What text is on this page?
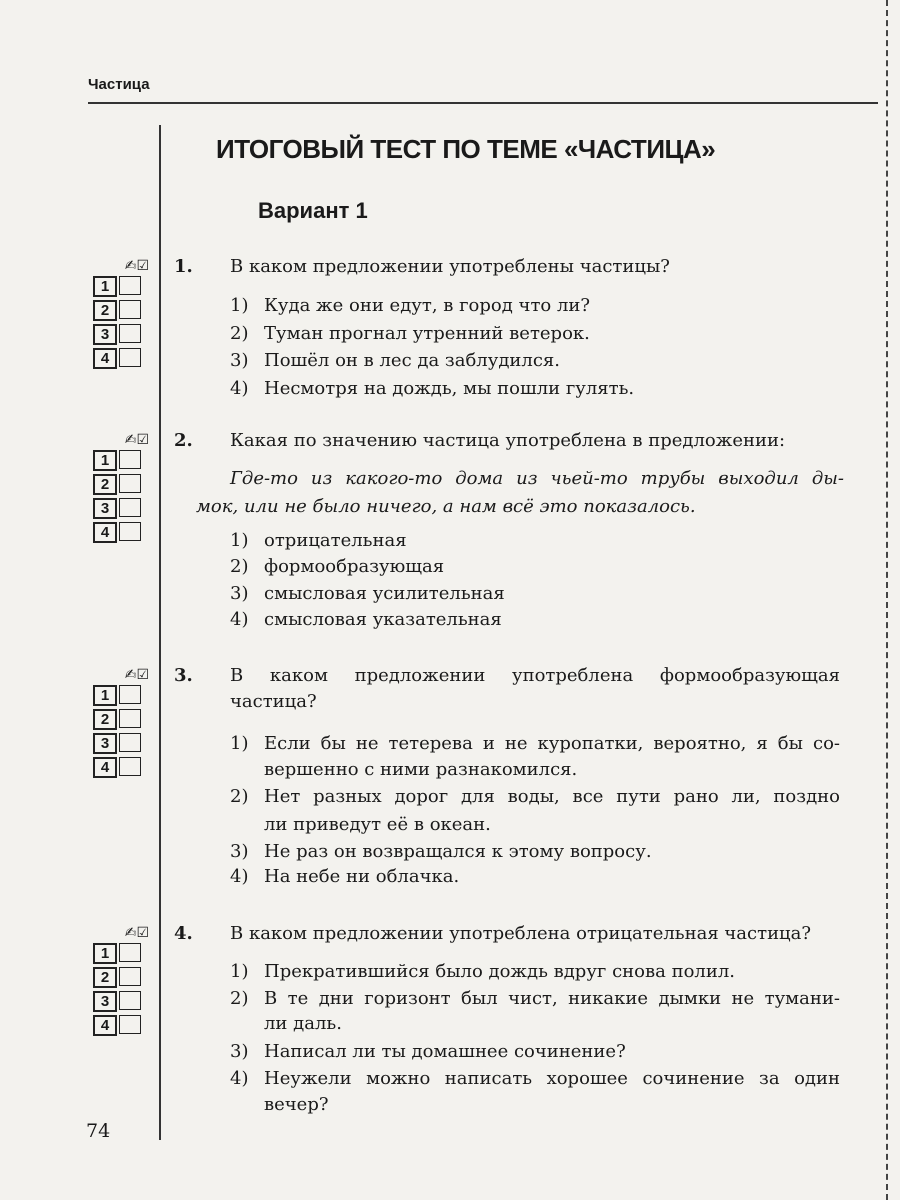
Частица
ИТОГОВЫЙ ТЕСТ ПО ТЕМЕ «ЧАСТИЦА»
Вариант 1
74
1. В каком предложении употреблены частицы?
1) Куда же они едут, в город что ли?
2) Туман прогнал утренний ветерок.
3) Пошёл он в лес да заблудился.
4) Несмотря на дождь, мы пошли гулять.
✍☑
1
2
3
4
2. Какая по значению частица употреблена в предложении:
Где-то из какого-то дома из чьей-то трубы выходил ды-
мок, или не было ничего, а нам всё это показалось.
1) отрицательная
2) формообразующая
3) смысловая усилительная
4) смысловая указательная
✍☑
1
2
3
4
3. В каком предложении употреблена формообразующая
частица?
1) Если бы не тетерева и не куропатки, вероятно, я бы со-
вершенно с ними разнакомился.
2) Нет разных дорог для воды, все пути рано ли, поздно
ли приведут её в океан.
3) Не раз он возвращался к этому вопросу.
4) На небе ни облачка.
✍☑
1
2
3
4
4. В каком предложении употреблена отрицательная частица?
1) Прекратившийся было дождь вдруг снова полил.
2) В те дни горизонт был чист, никакие дымки не тумани-
ли даль.
3) Написал ли ты домашнее сочинение?
4) Неужели можно написать хорошее сочинение за один
вечер?
✍☑
1
2
3
4
